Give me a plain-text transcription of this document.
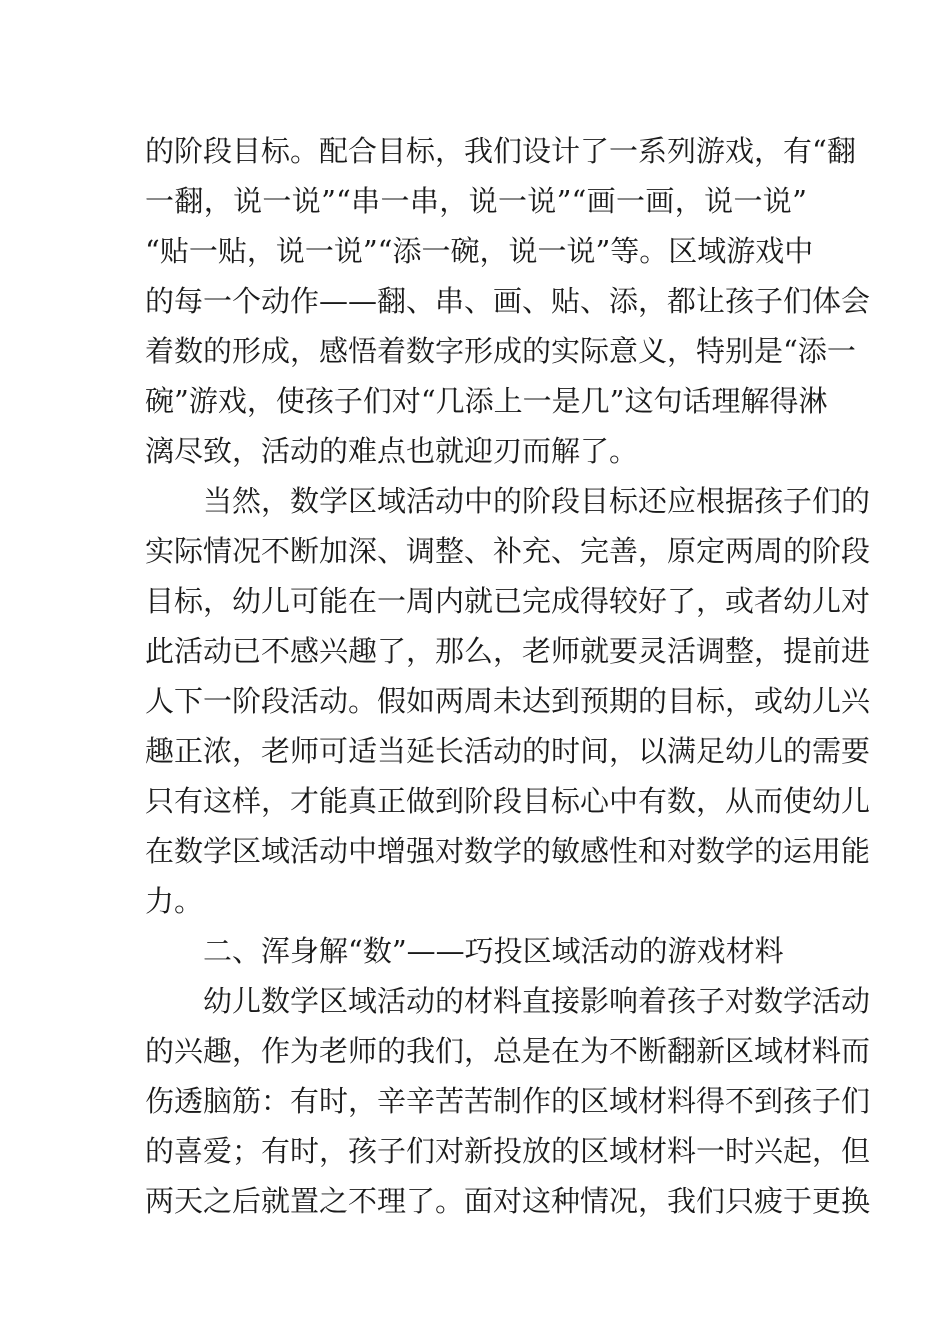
的阶段目标。配合目标，我们设计了一系列游戏，有“翻
一翻，说一说”“串一串，说一说”“画一画，说一说”
“贴一贴，说一说”“添一碗，说一说”等。区域游戏中
的每一个动作——翻、串、画、贴、添，都让孩子们体会
着数的形成，感悟着数字形成的实际意义，特别是“添一
碗”游戏，使孩子们对“几添上一是几”这句话理解得淋
漓尽致，活动的难点也就迎刃而解了。
当然，数学区域活动中的阶段目标还应根据孩子们的
实际情况不断加深、调整、补充、完善，原定两周的阶段
目标，幼儿可能在一周内就已完成得较好了，或者幼儿对
此活动已不感兴趣了，那么，老师就要灵活调整，提前进
人下一阶段活动。假如两周未达到预期的目标，或幼儿兴
趣正浓，老师可适当延长活动的时间，以满足幼儿的需要
只有这样，才能真正做到阶段目标心中有数，从而使幼儿
在数学区域活动中增强对数学的敏感性和对数学的运用能
力。
二、浑身解“数”——巧投区域活动的游戏材料
幼儿数学区域活动的材料直接影响着孩子对数学活动
的兴趣，作为老师的我们，总是在为不断翻新区域材料而
伤透脑筋：有时，辛辛苦苦制作的区域材料得不到孩子们
的喜爱；有时，孩子们对新投放的区域材料一时兴起，但
两天之后就置之不理了。面对这种情况，我们只疲于更换
